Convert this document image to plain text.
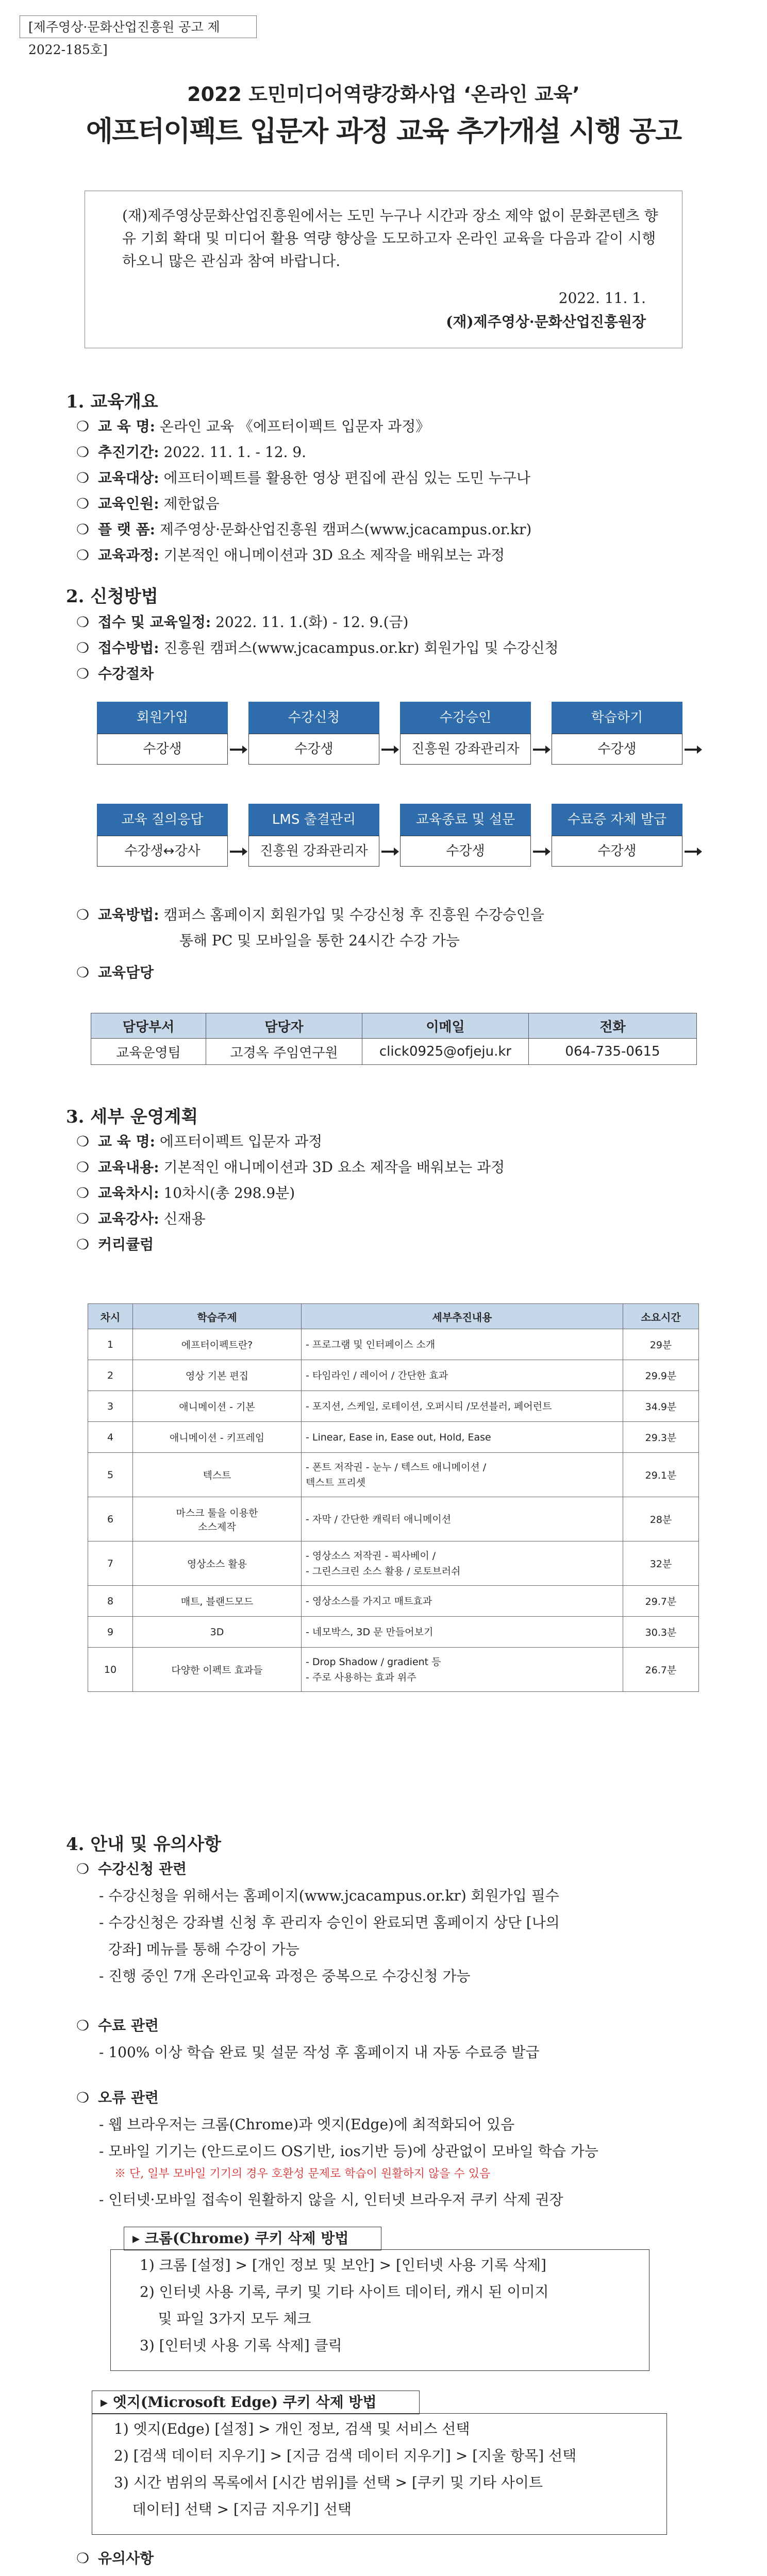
[제주영상·문화산업진흥원 공고 제2022-185호]
2022 도민미디어역량강화사업 ‘온라인 교육’
에프터이펙트 입문자 과정 교육 추가개설 시행 공고
(재)제주영상문화산업진흥원에서는 도민 누구나 시간과 장소 제약 없이 문화콘텐츠 향유 기회 확대 및 미디어 활용 역량 향상을 도모하고자 온라인 교육을 다음과 같이 시행하오니 많은 관심과 참여 바랍니다.
2022. 11. 1.
(재)제주영상·문화산업진흥원장
1. 교육개요
❍ 교 육 명: 온라인 교육 《에프터이펙트 입문자 과정》
❍ 추진기간: 2022. 11. 1. - 12. 9.
❍ 교육대상: 에프터이펙트를 활용한 영상 편집에 관심 있는 도민 누구나
❍ 교육인원: 제한없음
❍ 플 랫 폼: 제주영상·문화산업진흥원 캠퍼스(www.jcacampus.or.kr)
❍ 교육과정: 기본적인 애니메이션과 3D 요소 제작을 배워보는 과정
2. 신청방법
❍ 접수 및 교육일정: 2022. 11. 1.(화) - 12. 9.(금)
❍ 접수방법: 진흥원 캠퍼스(www.jcacampus.or.kr) 회원가입 및 수강신청
❍ 수강절차
회원가입
수강생
수강신청
수강생
수강승인
진흥원 강좌관리자
학습하기
수강생
교육 질의응답
수강생↔강사
LMS 출결관리
진흥원 강좌관리자
교육종료 및 설문
수강생
수료증 자체 발급
수강생
❍ 교육방법: 캠퍼스 홈페이지 회원가입 및 수강신청 후 진흥원 수강승인을
통해 PC 및 모바일을 통한 24시간 수강 가능
❍ 교육담당
담당부서	담당자	이메일	전화
교육운영팀	고경옥 주임연구원	click0925@ofjeju.kr	064-735-0615
3. 세부 운영계획
❍ 교 육 명: 에프터이펙트 입문자 과정
❍ 교육내용: 기본적인 애니메이션과 3D 요소 제작을 배워보는 과정
❍ 교육차시: 10차시(총 298.9분)
❍ 교육강사: 신재용
❍ 커리큘럼
차시	학습주제	세부추진내용	소요시간
1	에프터이펙트란?	- 프로그램 및 인터페이스 소개	29분
2	영상 기본 편집	- 타임라인 / 레이어 / 간단한 효과	29.9분
3	애니메이션 - 기본	- 포지션, 스케일, 로테이션, 오퍼시티 /모션블러, 페어런트	34.9분
4	애니메이션 - 키프레임	- Linear, Ease in, Ease out, Hold, Ease	29.3분
5	텍스트	- 폰트 저작권 - 눈누 / 텍스트 애니메이션 /
텍스트 프리셋	29.1분
6	마스크 툴을 이용한
소스제작	- 자막 / 간단한 캐릭터 애니메이션	28분
7	영상소스 활용	- 영상소스 저작권 - 픽사베이 /
- 그린스크린 소스 활용 / 로토브러쉬	32분
8	매트, 블랜드모드	- 영상소스를 가지고 매트효과	29.7분
9	3D	- 네모박스, 3D 문 만들어보기	30.3분
10	다양한 이펙트 효과들	- Drop Shadow / gradient 등
- 주로 사용하는 효과 위주	26.7분
4. 안내 및 유의사항
❍ 수강신청 관련
- 수강신청을 위해서는 홈페이지(www.jcacampus.or.kr) 회원가입 필수
- 수강신청은 강좌별 신청 후 관리자 승인이 완료되면 홈페이지 상단 [나의
강좌] 메뉴를 통해 수강이 가능
- 진행 중인 7개 온라인교육 과정은 중복으로 수강신청 가능
❍ 수료 관련
- 100% 이상 학습 완료 및 설문 작성 후 홈페이지 내 자동 수료증 발급
❍ 오류 관련
- 웹 브라우저는 크롬(Chrome)과 엣지(Edge)에 최적화되어 있음
- 모바일 기기는 (안드로이드 OS기반, ios기반 등)에 상관없이 모바일 학습 가능
※ 단, 일부 모바일 기기의 경우 호환성 문제로 학습이 원활하지 않을 수 있음
- 인터넷·모바일 접속이 원활하지 않을 시, 인터넷 브라우저 쿠키 삭제 권장
▸ 크롬(Chrome) 쿠키 삭제 방법
1) 크롬 [설정] > [개인 정보 및 보안] > [인터넷 사용 기록 삭제]
2) 인터넷 사용 기록, 쿠키 및 기타 사이트 데이터, 캐시 된 이미지
및 파일 3가지 모두 체크
3) [인터넷 사용 기록 삭제] 클릭
▸ 엣지(Microsoft Edge) 쿠키 삭제 방법
1) 엣지(Edge) [설정] > 개인 정보, 검색 및 서비스 선택
2) [검색 데이터 지우기] > [지금 검색 데이터 지우기] > [지울 항목] 선택
3) 시간 범위의 목록에서 [시간 범위]를 선택 > [쿠키 및 기타 사이트
데이터] 선택 > [지금 지우기] 선택
❍ 유의사항
